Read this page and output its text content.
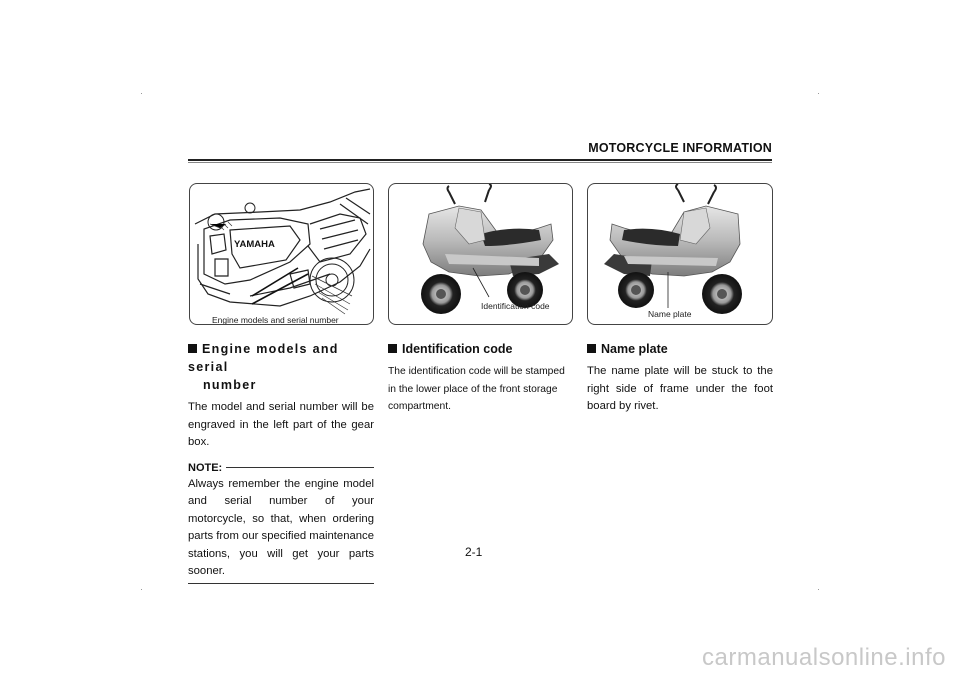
MOTORCYCLE INFORMATION
YAMAHA
Engine models and serial number
Identification code
Name plate
Engine models and serial
number
The model and serial number will be engraved in the left part of the gear box.
NOTE:
Always remember the engine model and serial number of your motorcycle, so that, when ordering parts from our specified maintenance stations, you will get your parts sooner.
Identification code
The identification code will be stamped in the lower place of the front storage compartment.
Name plate
The name plate will be stuck to the right side of frame under the foot board by rivet.
2-1
carmanualsonline.info
